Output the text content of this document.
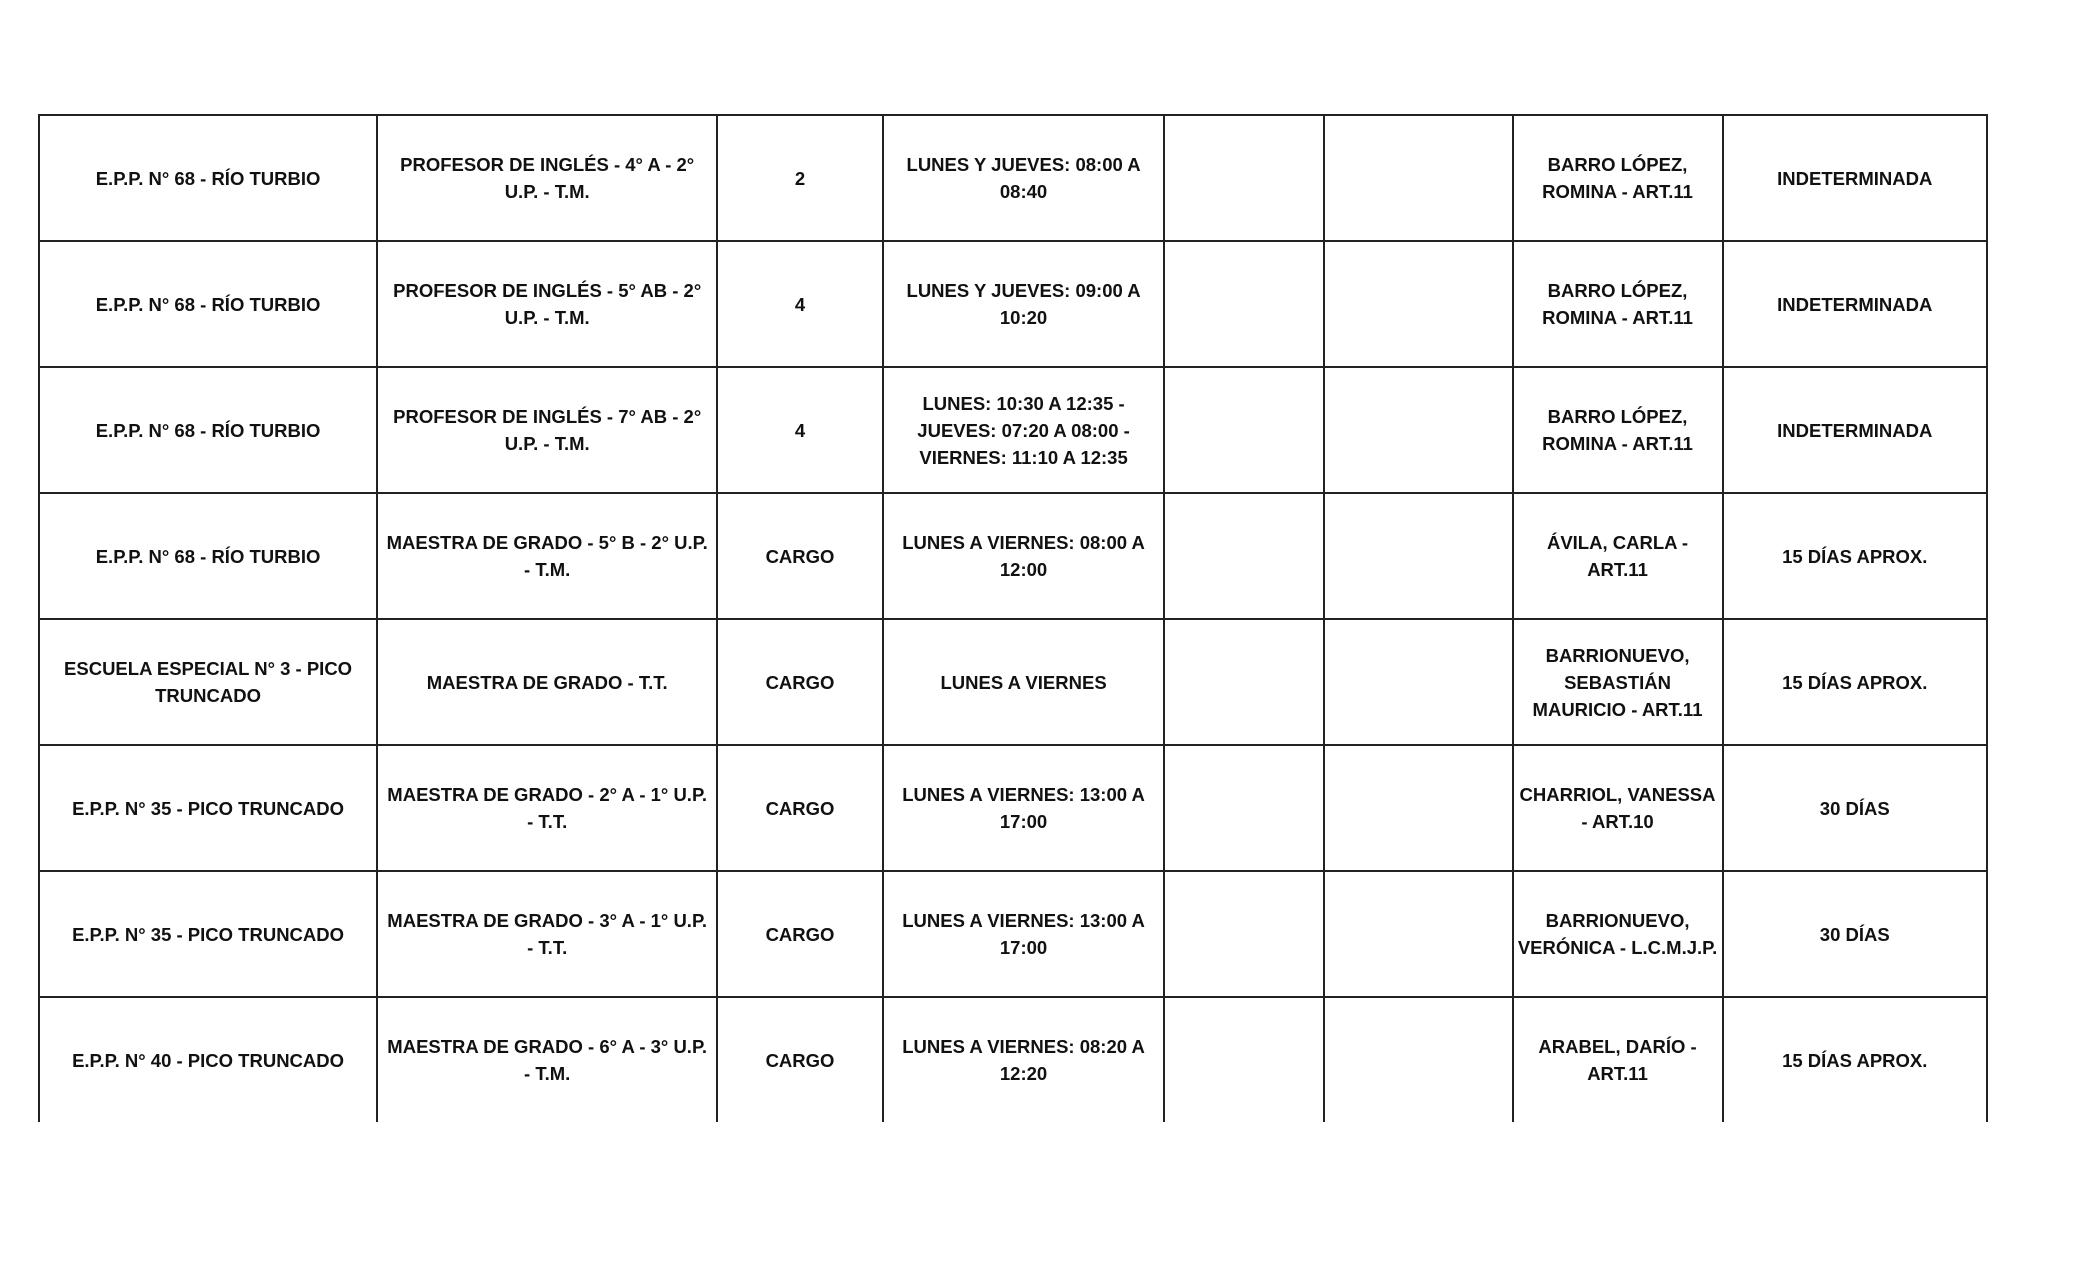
E.P.P. N° 68 - RÍO TURBIO	PROFESOR DE INGLÉS - 4° A - 2° U.P. - T.M.	2	LUNES Y JUEVES: 08:00 A 08:40			BARRO LÓPEZ, ROMINA - ART.11	INDETERMINADA
E.P.P. N° 68 - RÍO TURBIO	PROFESOR DE INGLÉS - 5° AB - 2° U.P. - T.M.	4	LUNES Y JUEVES: 09:00 A 10:20			BARRO LÓPEZ, ROMINA - ART.11	INDETERMINADA
E.P.P. N° 68 - RÍO TURBIO	PROFESOR DE INGLÉS - 7° AB - 2° U.P. - T.M.	4	LUNES: 10:30 A 12:35 - JUEVES: 07:20 A 08:00 - VIERNES: 11:10 A 12:35			BARRO LÓPEZ, ROMINA - ART.11	INDETERMINADA
E.P.P. N° 68 - RÍO TURBIO	MAESTRA DE GRADO - 5° B - 2° U.P. - T.M.	CARGO	LUNES A VIERNES: 08:00 A 12:00			ÁVILA, CARLA - ART.11	15 DÍAS APROX.
ESCUELA ESPECIAL N° 3 - PICO TRUNCADO	MAESTRA DE GRADO - T.T.	CARGO	LUNES A VIERNES			BARRIONUEVO, SEBASTIÁN MAURICIO - ART.11	15 DÍAS APROX.
E.P.P. N° 35 - PICO TRUNCADO	MAESTRA DE GRADO - 2° A - 1° U.P. - T.T.	CARGO	LUNES A VIERNES: 13:00 A 17:00			CHARRIOL, VANESSA - ART.10	30 DÍAS
E.P.P. N° 35 - PICO TRUNCADO	MAESTRA DE GRADO - 3° A - 1° U.P. - T.T.	CARGO	LUNES A VIERNES: 13:00 A 17:00			BARRIONUEVO, VERÓNICA - L.C.M.J.P.	30 DÍAS
E.P.P. N° 40 - PICO TRUNCADO	MAESTRA DE GRADO - 6° A - 3° U.P. - T.M.	CARGO	LUNES A VIERNES: 08:20 A 12:20			ARABEL, DARÍO - ART.11	15 DÍAS APROX.
